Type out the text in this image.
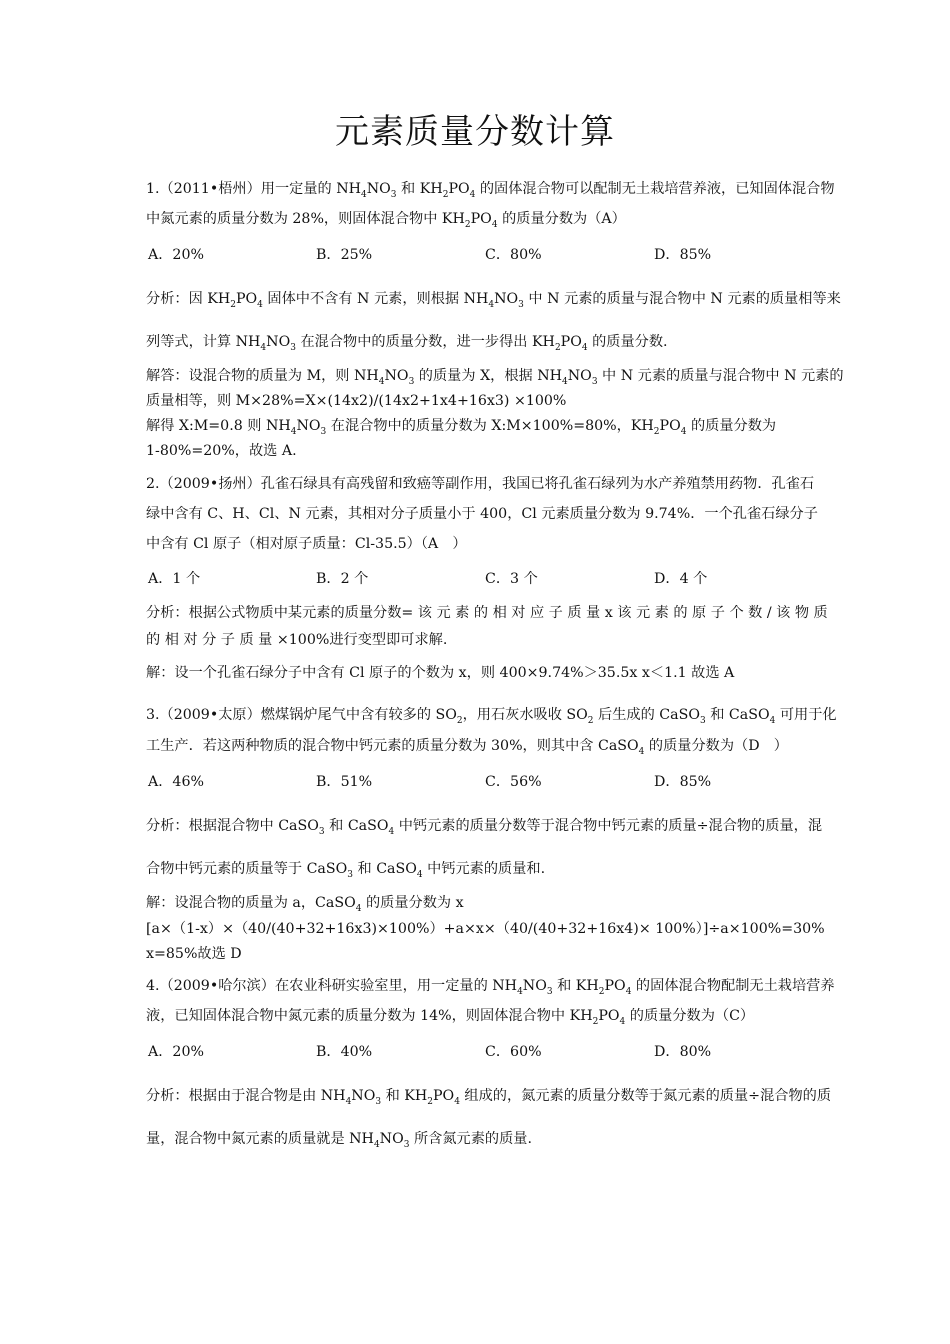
元素质量分数计算
1.（2011•梧州）用一定量的 $NH_4NO_3$ 和 $KH_2PO_4$ 的固体混合物可以配制无土栽培营养液，已知固体混合物
中氮元素的质量分数为 28%，则固体混合物中 $KH_2PO_4$ 的质量分数为（A）
A．20%	B．25%	C．80%	D．85%
分析：因 $KH_2PO_4$ 固体中不含有 N 元素，则根据 $NH_4NO_3$ 中 N 元素的质量与混合物中 N 元素的质量相等来
列等式，计算 $NH_4NO_3$ 在混合物中的质量分数，进一步得出 $KH_2PO_4$ 的质量分数.
解答：设混合物的质量为 M，则 $NH_4NO_3$ 的质量为 X，根据 $NH_4NO_3$ 中 N 元素的质量与混合物中 N 元素的
质量相等，则 M×28%=X×(14x2)/(14x2+1x4+16x3) ×100%
解得 X:M=0.8 则 $NH_4NO_3$ 在混合物中的质量分数为 X:M×100%=80%，$KH_2PO_4$ 的质量分数为
1-80%=20%，故选 A.
2.（2009•扬州）孔雀石绿具有高残留和致癌等副作用，我国已将孔雀石绿列为水产养殖禁用药物．孔雀石
绿中含有 C、H、Cl、N 元素，其相对分子质量小于 400，Cl 元素质量分数为 9.74%．一个孔雀石绿分子
中含有 Cl 原子（相对原子质量：Cl-35.5）（A　）
A．1 个	B．2 个	C．3 个	D．4 个
分析：根据公式物质中某元素的质量分数= 该 元 素 的 相 对 应 子 质 量 x 该 元 素 的 原 子 个 数 / 该 物 质
的 相 对 分 子 质 量 ×100%进行变型即可求解.
解：设一个孔雀石绿分子中含有 Cl 原子的个数为 x，则 400×9.74%＞35.5x x＜1.1 故选 A
3.（2009•太原）燃煤锅炉尾气中含有较多的 $SO_2$，用石灰水吸收 $SO_2$ 后生成的 CaSO$_3$ 和 CaSO$_4$ 可用于化
工生产．若这两种物质的混合物中钙元素的质量分数为 30%，则其中含 CaSO$_4$ 的质量分数为（D　）
A．46%	B．51%	C．56%	D．85%
分析：根据混合物中 CaSO$_3$ 和 CaSO$_4$ 中钙元素的质量分数等于混合物中钙元素的质量÷混合物的质量，混
合物中钙元素的质量等于 CaSO$_3$ 和 CaSO$_4$ 中钙元素的质量和.
解：设混合物的质量为 a，CaSO$_4$ 的质量分数为 x
[a×（1-x）×（40/(40+32+16x3)×100%）+a×x×（40/(40+32+16x4)× 100%）]÷a×100%=30%
x=85%故选 D
4.（2009•哈尔滨）在农业科研实验室里，用一定量的 $NH_4NO_3$ 和 $KH_2PO_4$ 的固体混合物配制无土栽培营养
液，已知固体混合物中氮元素的质量分数为 14%，则固体混合物中 $KH_2PO_4$ 的质量分数为（C）
A．20%	B．40%	C．60%	D．80%
分析：根据由于混合物是由 $NH_4NO_3$ 和 $KH_2PO_4$ 组成的，氮元素的质量分数等于氮元素的质量÷混合物的质
量，混合物中氮元素的质量就是 $NH_4NO_3$ 所含氮元素的质量.
